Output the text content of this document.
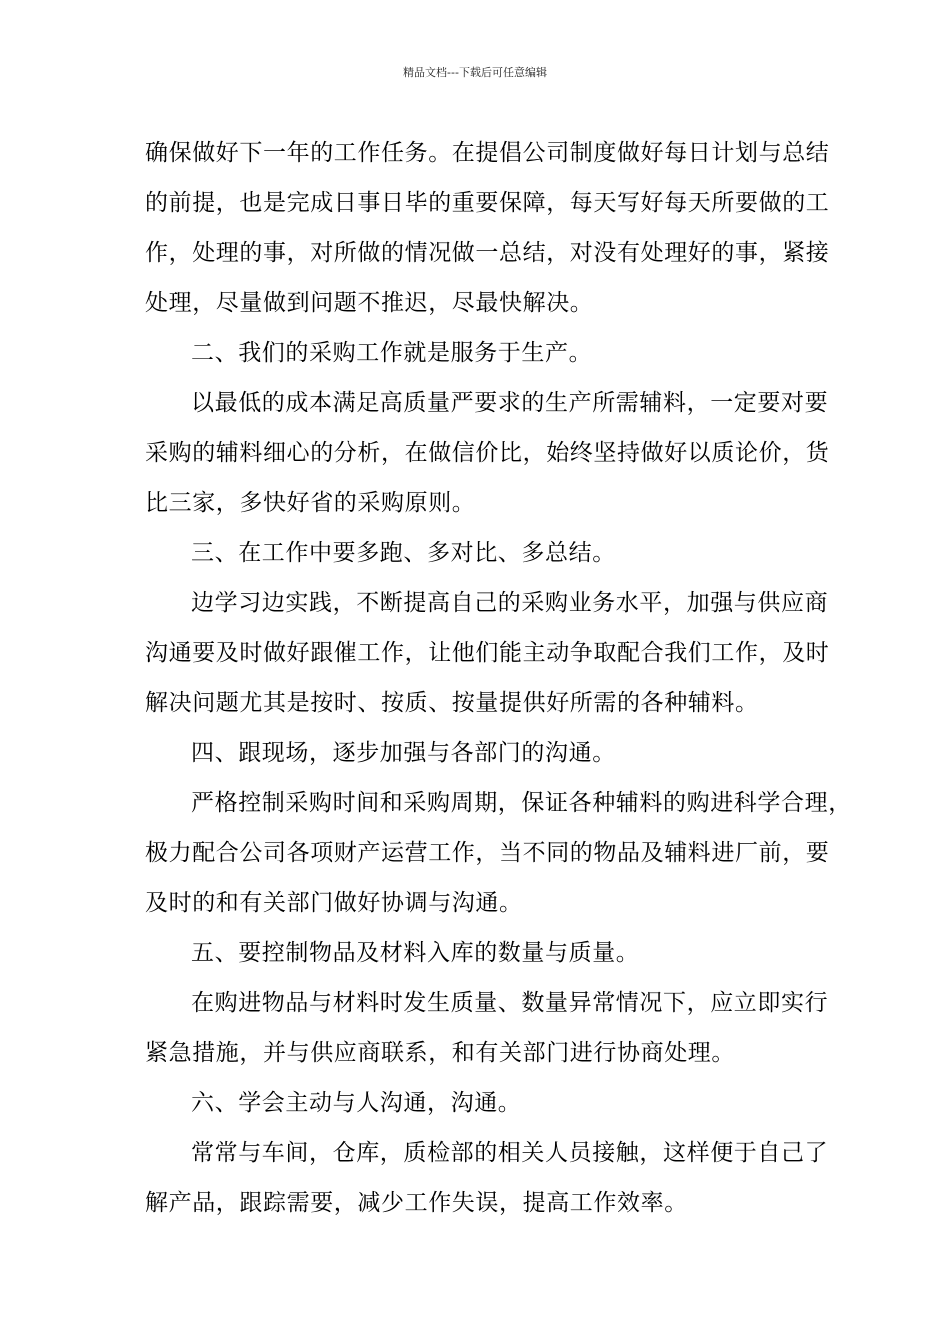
精品文档---下载后可任意编辑
确保做好下一年的工作任务。在提倡公司制度做好每日计划与总结
的前提，也是完成日事日毕的重要保障，每天写好每天所要做的工
作，处理的事，对所做的情况做一总结，对没有处理好的事，紧接
处理，尽量做到问题不推迟，尽最快解决。
二、我们的采购工作就是服务于生产。
以最低的成本满足高质量严要求的生产所需辅料，一定要对要
采购的辅料细心的分析，在做信价比，始终坚持做好以质论价，货
比三家，多快好省的采购原则。
三、在工作中要多跑、多对比、多总结。
边学习边实践，不断提高自己的采购业务水平，加强与供应商
沟通要及时做好跟催工作，让他们能主动争取配合我们工作，及时
解决问题尤其是按时、按质、按量提供好所需的各种辅料。
四、跟现场，逐步加强与各部门的沟通。
严格控制采购时间和采购周期，保证各种辅料的购进科学合理，
极力配合公司各项财产运营工作，当不同的物品及辅料进厂前，要
及时的和有关部门做好协调与沟通。
五、要控制物品及材料入库的数量与质量。
在购进物品与材料时发生质量、数量异常情况下，应立即实行
紧急措施，并与供应商联系，和有关部门进行协商处理。
六、学会主动与人沟通，沟通。
常常与车间，仓库，质检部的相关人员接触，这样便于自己了
解产品，跟踪需要，减少工作失误，提高工作效率。
